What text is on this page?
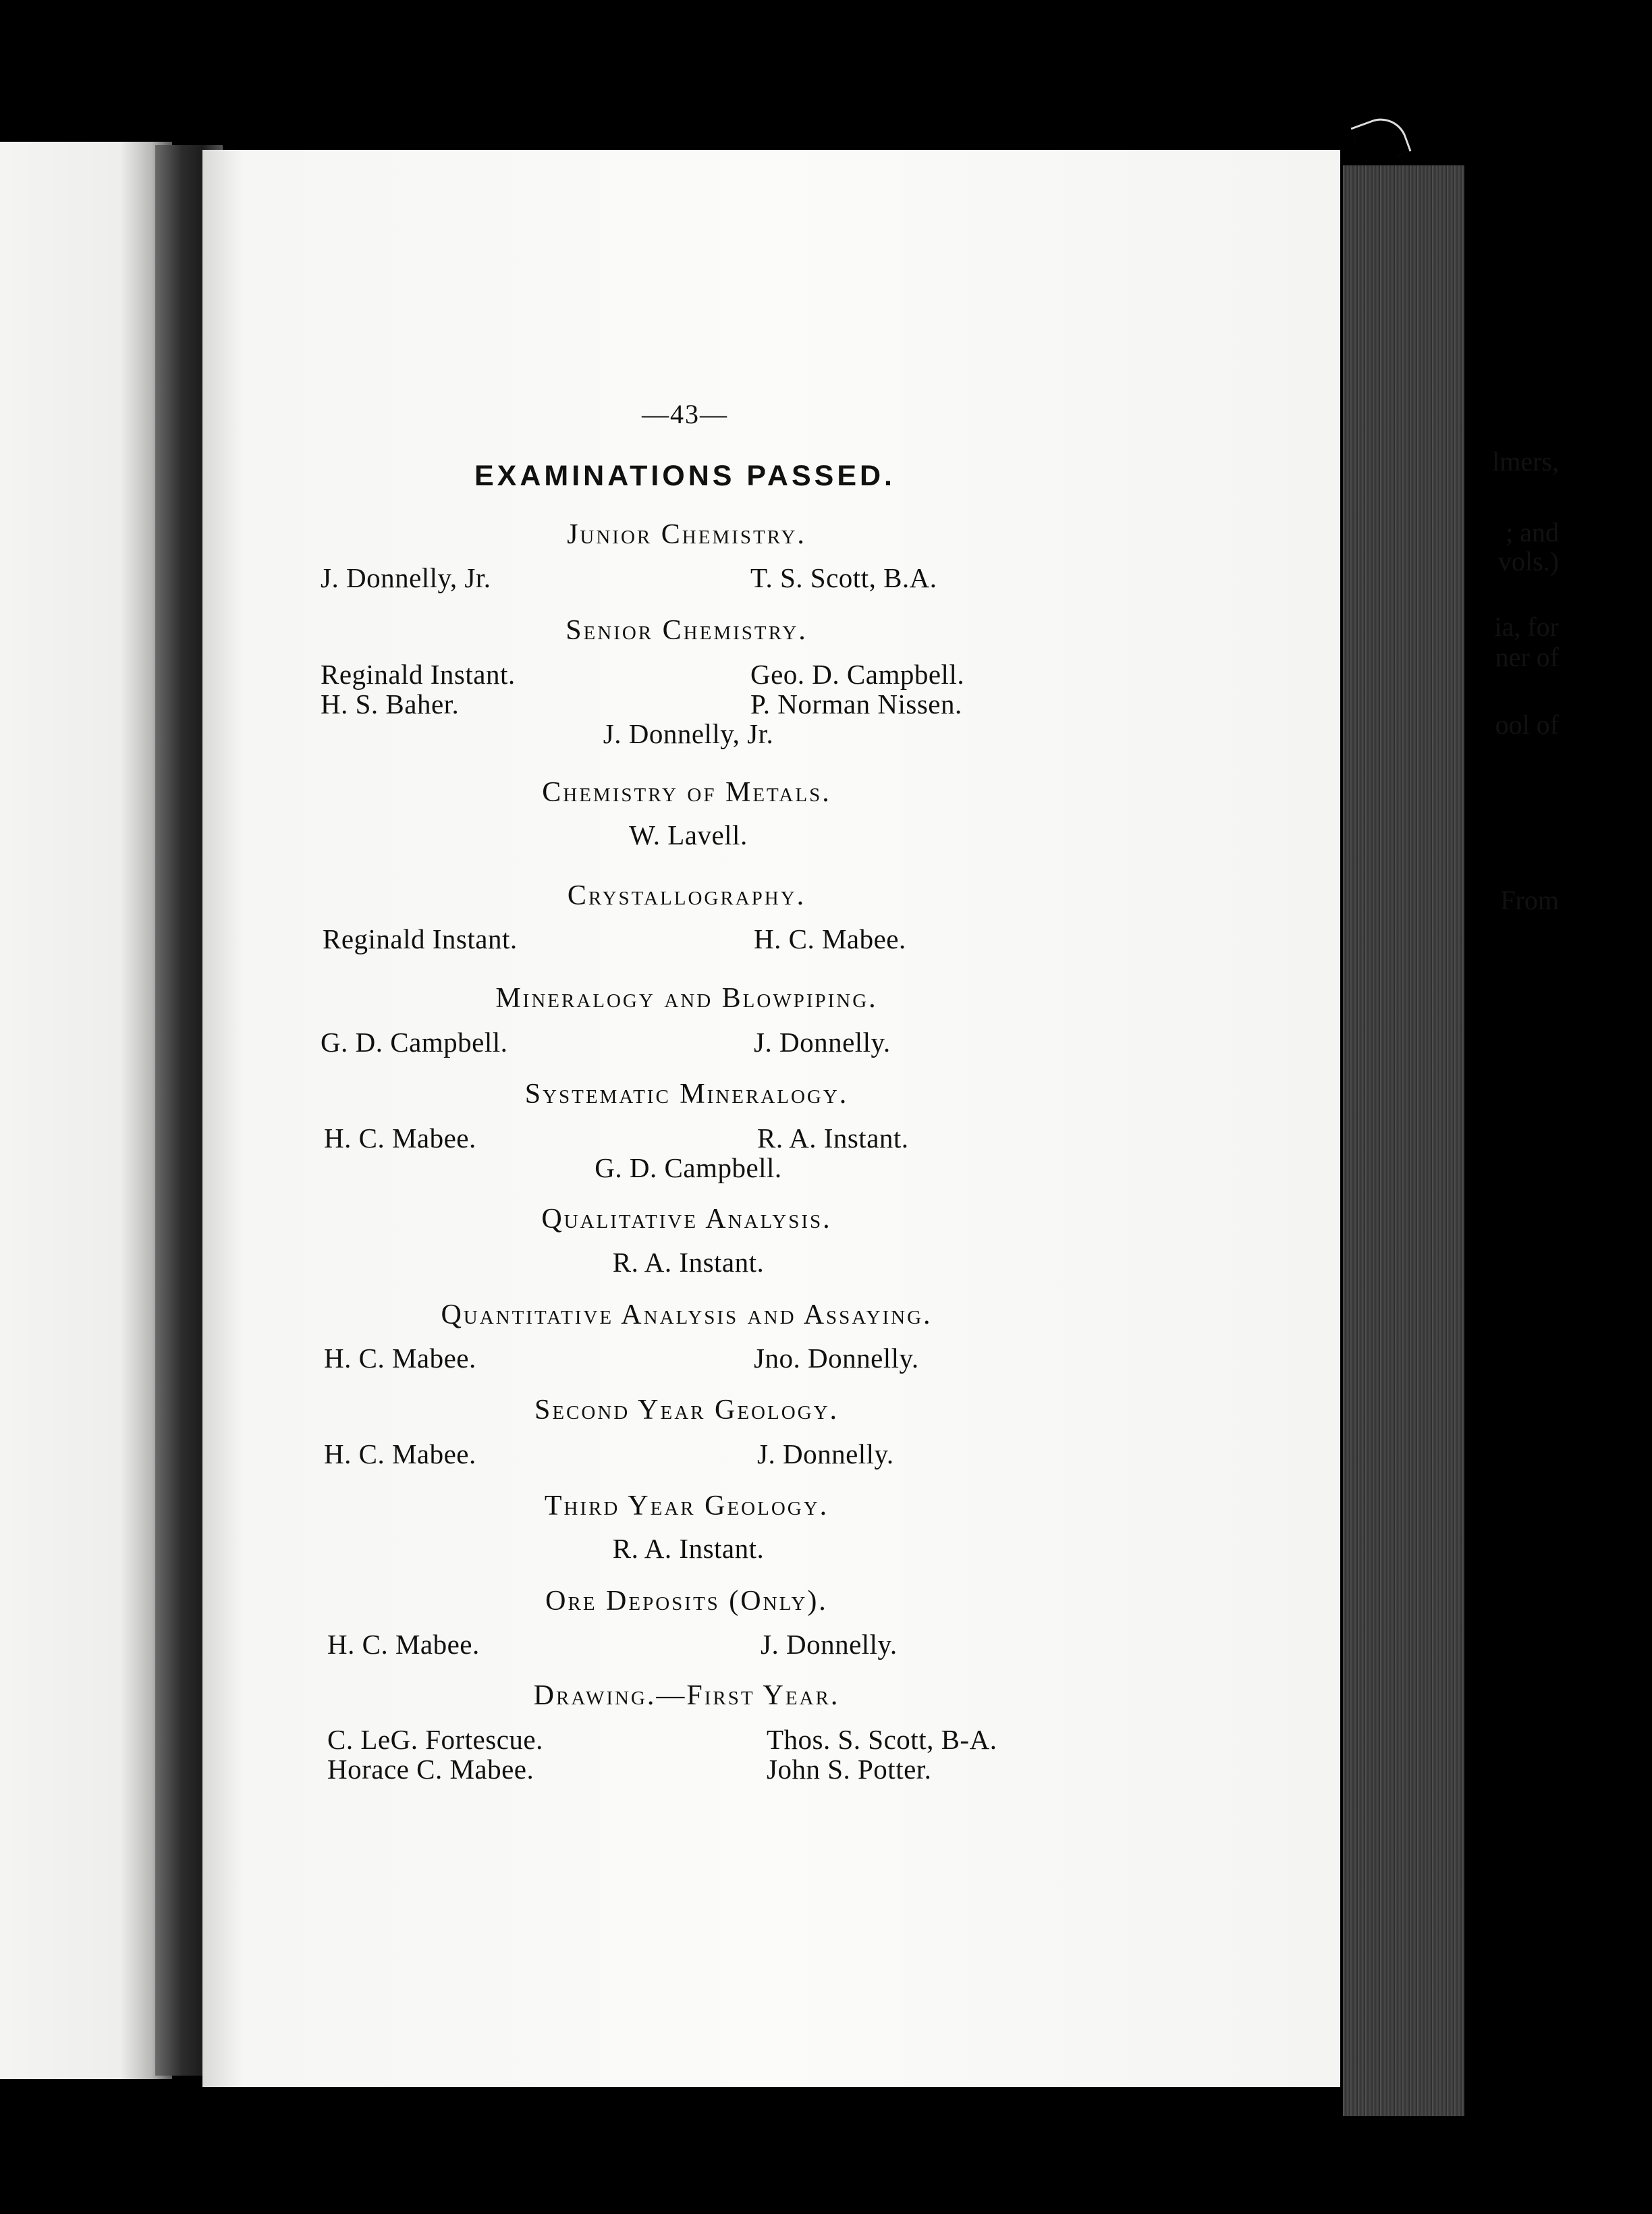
lmers,

; and

vols.)

ia, for

ner of

ool of

From

—43—
EXAMINATIONS PASSED.
Junior Chemistry.
J. Donnelly, Jr.	T. S. Scott, B.A.
Senior Chemistry.
Reginald Instant.	Geo. D. Campbell.
H. S. Baher.	P. Norman Nissen.
J. Donnelly, Jr.
Chemistry of Metals.
W. Lavell.
Crystallography.
Reginald Instant.	H. C. Mabee.
Mineralogy and Blowpiping.
G. D. Campbell.	J. Donnelly.
Systematic Mineralogy.
H. C. Mabee.	R. A. Instant.
G. D. Campbell.
Qualitative Analysis.
R. A. Instant.
Quantitative Analysis and Assaying.
H. C. Mabee.	Jno. Donnelly.
Second Year Geology.
H. C. Mabee.	J. Donnelly.
Third Year Geology.
R. A. Instant.
Ore Deposits (Only).
H. C. Mabee.	J. Donnelly.
Drawing.—First Year.
C. LeG. Fortescue.	Thos. S. Scott, B-A.
Horace C. Mabee.	John S. Potter.
